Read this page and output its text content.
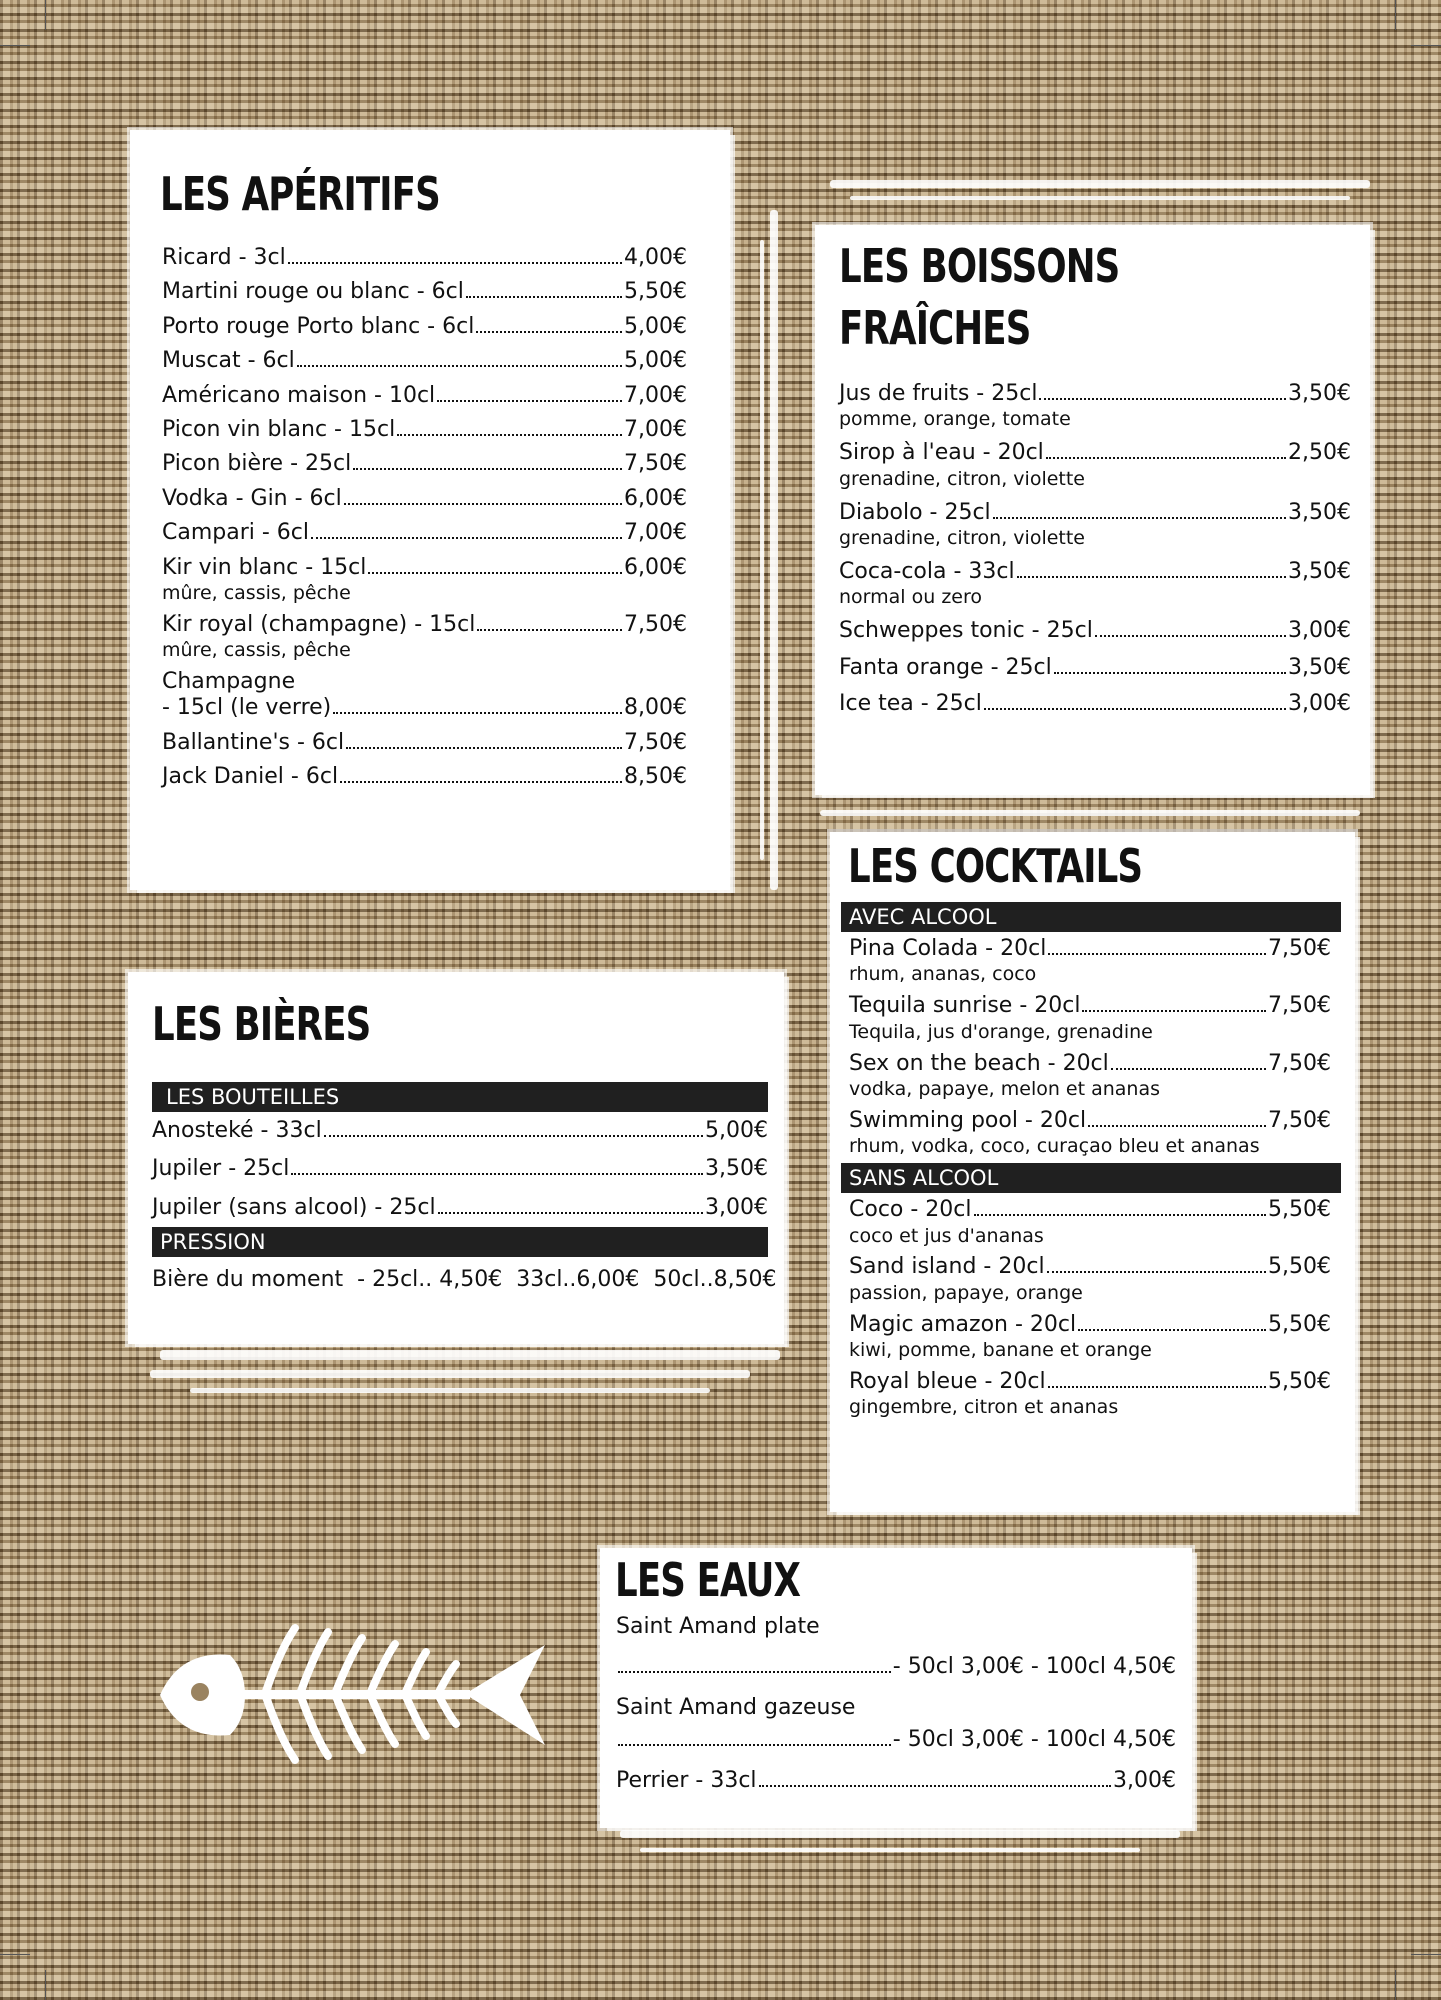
LES APÉRITIFS
Ricard - 3cl	4,00€
Martini rouge ou blanc - 6cl	5,50€
Porto rouge Porto blanc - 6cl	5,00€
Muscat - 6cl	5,00€
Américano maison - 10cl	7,00€
Picon vin blanc - 15cl	7,00€
Picon bière - 25cl	7,50€
Vodka - Gin - 6cl	6,00€
Campari - 6cl	7,00€
Kir vin blanc - 15cl	6,00€
mûre, cassis, pêche
Kir royal (champagne) - 15cl	7,50€
mûre, cassis, pêche
Champagne
- 15cl (le verre)	8,00€
Ballantine's - 6cl	7,50€
Jack Daniel - 6cl	8,50€
LES BOISSONS
FRAÎCHES
Jus de fruits - 25cl	3,50€
pomme, orange, tomate
Sirop à l'eau - 20cl	2,50€
grenadine, citron, violette
Diabolo - 25cl	3,50€
grenadine, citron, violette
Coca-cola - 33cl	3,50€
normal ou zero
Schweppes tonic - 25cl	3,00€
Fanta orange - 25cl	3,50€
Ice tea - 25cl	3,00€
LES BIÈRES
LES BOUTEILLES
Anosteké - 33cl	5,00€
Jupiler - 25cl	3,50€
Jupiler (sans alcool) - 25cl	3,00€
PRESSION
Bière du moment  - 25cl.. 4,50€  33cl..6,00€  50cl..8,50€
LES COCKTAILS
AVEC ALCOOL
Pina Colada - 20cl	7,50€
rhum, ananas, coco
Tequila sunrise - 20cl	7,50€
Tequila, jus d'orange, grenadine
Sex on the beach - 20cl	7,50€
vodka, papaye, melon et ananas
Swimming pool - 20cl	7,50€
rhum, vodka, coco, curaçao bleu et ananas
SANS ALCOOL
Coco - 20cl	5,50€
coco et jus d'ananas
Sand island - 20cl	5,50€
passion, papaye, orange
Magic amazon - 20cl	5,50€
kiwi, pomme, banane et orange
Royal bleue - 20cl	5,50€
gingembre, citron et ananas
LES EAUX
Saint Amand plate
- 50cl 3,00€ - 100cl 4,50€
Saint Amand gazeuse
- 50cl 3,00€ - 100cl 4,50€
Perrier - 33cl	3,00€
